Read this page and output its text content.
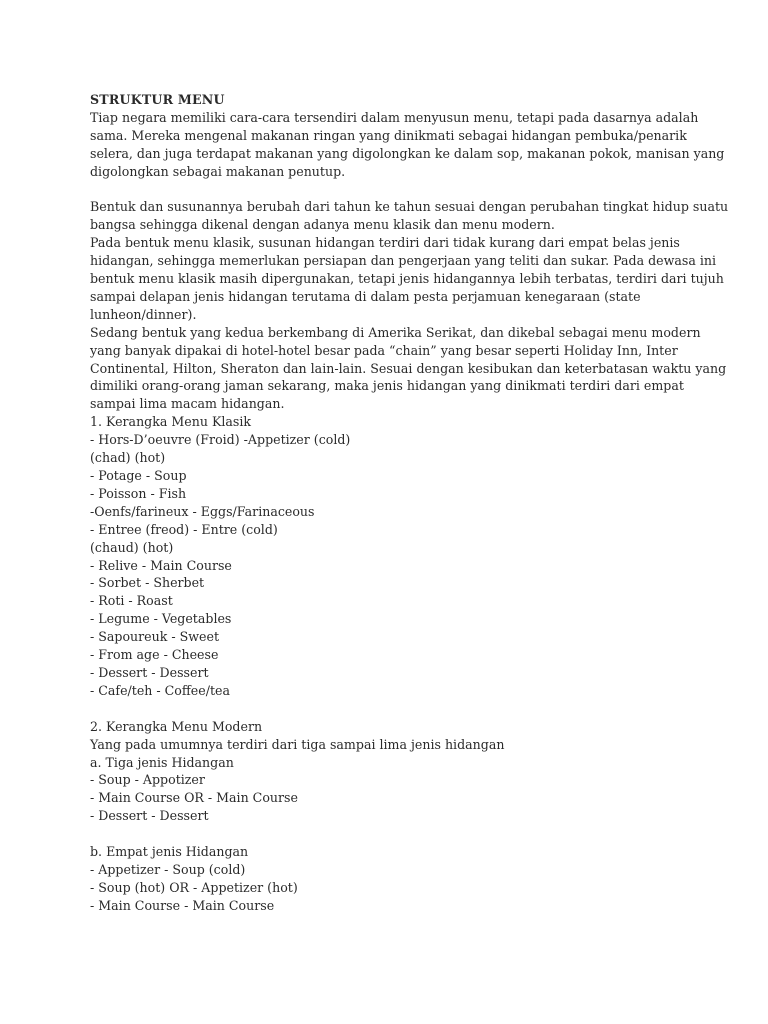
STRUKTUR MENU

Tiap negara memiliki cara-cara tersendiri dalam menyusun menu, tetapi pada dasarnya adalah sama. Mereka mengenal makanan ringan yang dinikmati sebagai hidangan pembuka/penarik selera, dan juga terdapat makanan yang digolongkan ke dalam sop, makanan pokok, manisan yang digolongkan sebagai makanan penutup.

Bentuk dan susunannya berubah dari tahun ke tahun sesuai dengan perubahan tingkat hidup suatu bangsa sehingga dikenal dengan adanya menu klasik dan menu modern.

Pada bentuk menu klasik, susunan hidangan terdiri dari tidak kurang dari empat belas jenis hidangan, sehingga memerlukan persiapan dan pengerjaan yang teliti dan sukar. Pada dewasa ini bentuk menu klasik masih dipergunakan, tetapi jenis hidangannya lebih terbatas, terdiri dari tujuh sampai delapan jenis hidangan terutama di dalam pesta perjamuan kenegaraan (state lunheon/dinner).

Sedang bentuk yang kedua berkembang di Amerika Serikat, dan dikebal sebagai menu modern yang banyak dipakai di hotel-hotel besar pada “chain” yang besar seperti Holiday Inn, Inter Continental, Hilton, Sheraton dan lain-lain. Sesuai dengan kesibukan dan keterbatasan waktu yang dimiliki orang-orang jaman sekarang, maka jenis hidangan yang dinikmati terdiri dari empat sampai lima macam hidangan.

1. Kerangka Menu Klasik

- Hors-D’oeuvre (Froid) -Appetizer (cold)

(chad) (hot)

- Potage - Soup

- Poisson - Fish

-Oenfs/farineux - Eggs/Farinaceous

- Entree (freod) - Entre (cold)

(chaud) (hot)

- Relive - Main Course

- Sorbet - Sherbet

- Roti - Roast

- Legume - Vegetables

- Sapoureuk - Sweet

- From age - Cheese

- Dessert - Dessert

- Cafe/teh - Coffee/tea

2. Kerangka Menu Modern

Yang pada umumnya terdiri dari tiga sampai lima jenis hidangan

a. Tiga jenis Hidangan

- Soup - Appotizer

- Main Course OR - Main Course

- Dessert - Dessert

b. Empat jenis Hidangan

- Appetizer - Soup (cold)

- Soup (hot) OR - Appetizer (hot)

- Main Course - Main Course
